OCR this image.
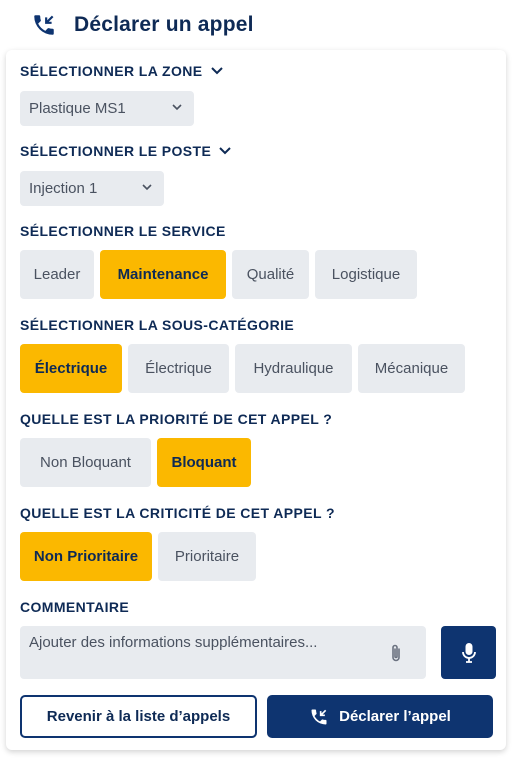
Déclarer un appel
SÉLECTIONNER LA ZONE
Plastique MS1
SÉLECTIONNER LE POSTE
Injection 1
SÉLECTIONNER LE SERVICE
Leader	Maintenance	Qualité	Logistique
SÉLECTIONNER LA SOUS-CATÉGORIE
Électrique	Électrique	Hydraulique	Mécanique
QUELLE EST LA PRIORITÉ DE CET APPEL ?
Non Bloquant	Bloquant
QUELLE EST LA CRITICITÉ DE CET APPEL ?
Non Prioritaire	Prioritaire
COMMENTAIRE
Ajouter des informations supplémentaires...
Revenir à la liste d’appels	Déclarer l’appel
